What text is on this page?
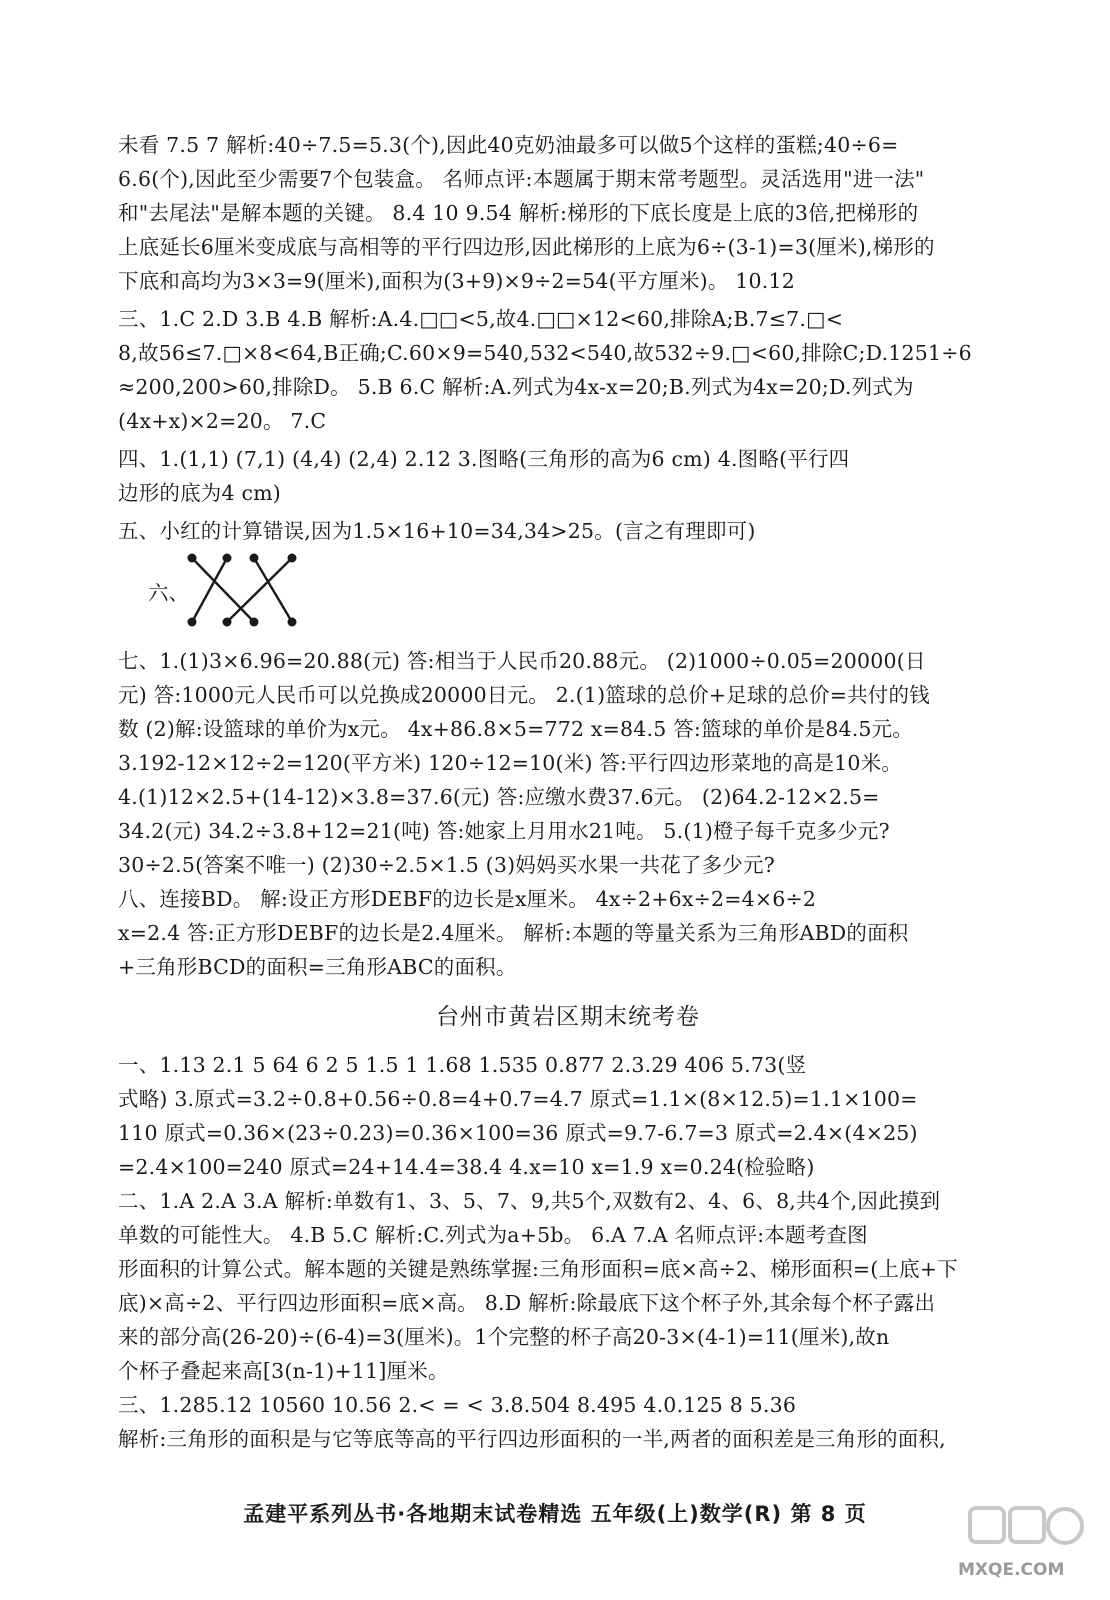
未看 7.5 7 解析:40÷7.5=5.3(个),因此40克奶油最多可以做5个这样的蛋糕;40÷6=
6.6(个),因此至少需要7个包装盒。 名师点评:本题属于期末常考题型。灵活选用"进一法"
和"去尾法"是解本题的关键。 8.4 10 9.54 解析:梯形的下底长度是上底的3倍,把梯形的
上底延长6厘米变成底与高相等的平行四边形,因此梯形的上底为6÷(3-1)=3(厘米),梯形的
下底和高均为3×3=9(厘米),面积为(3+9)×9÷2=54(平方厘米)。 10.12
三、1.C 2.D 3.B 4.B 解析:A.4.□□<5,故4.□□×12<60,排除A;B.7≤7.□<
8,故56≤7.□×8<64,B正确;C.60×9=540,532<540,故532÷9.□<60,排除C;D.1251÷6
≈200,200>60,排除D。 5.B 6.C 解析:A.列式为4x-x=20;B.列式为4x=20;D.列式为
(4x+x)×2=20。 7.C
四、1.(1,1) (7,1) (4,4) (2,4) 2.12 3.图略(三角形的高为6 cm) 4.图略(平行四
边形的底为4 cm)
五、小红的计算错误,因为1.5×16+10=34,34>25。(言之有理即可)
六、
七、1.(1)3×6.96=20.88(元) 答:相当于人民币20.88元。 (2)1000÷0.05=20000(日
元) 答:1000元人民币可以兑换成20000日元。 2.(1)篮球的总价+足球的总价=共付的钱
数 (2)解:设篮球的单价为x元。 4x+86.8×5=772 x=84.5 答:篮球的单价是84.5元。
3.192-12×12÷2=120(平方米) 120÷12=10(米) 答:平行四边形菜地的高是10米。
4.(1)12×2.5+(14-12)×3.8=37.6(元) 答:应缴水费37.6元。 (2)64.2-12×2.5=
34.2(元) 34.2÷3.8+12=21(吨) 答:她家上月用水21吨。 5.(1)橙子每千克多少元?
30÷2.5(答案不唯一) (2)30÷2.5×1.5 (3)妈妈买水果一共花了多少元?
八、连接BD。 解:设正方形DEBF的边长是x厘米。 4x÷2+6x÷2=4×6÷2
x=2.4 答:正方形DEBF的边长是2.4厘米。 解析:本题的等量关系为三角形ABD的面积
+三角形BCD的面积=三角形ABC的面积。
台州市黄岩区期末统考卷
一、1.13 2.1 5 64 6 2 5 1.5 1 1.68 1.535 0.877 2.3.29 406 5.73(竖
式略) 3.原式=3.2÷0.8+0.56÷0.8=4+0.7=4.7 原式=1.1×(8×12.5)=1.1×100=
110 原式=0.36×(23÷0.23)=0.36×100=36 原式=9.7-6.7=3 原式=2.4×(4×25)
=2.4×100=240 原式=24+14.4=38.4 4.x=10 x=1.9 x=0.24(检验略)
二、1.A 2.A 3.A 解析:单数有1、3、5、7、9,共5个,双数有2、4、6、8,共4个,因此摸到
单数的可能性大。 4.B 5.C 解析:C.列式为a+5b。 6.A 7.A 名师点评:本题考查图
形面积的计算公式。解本题的关键是熟练掌握:三角形面积=底×高÷2、梯形面积=(上底+下
底)×高÷2、平行四边形面积=底×高。 8.D 解析:除最底下这个杯子外,其余每个杯子露出
来的部分高(26-20)÷(6-4)=3(厘米)。1个完整的杯子高20-3×(4-1)=11(厘米),故n
个杯子叠起来高[3(n-1)+11]厘米。
三、1.285.12 10560 10.56 2.< = < 3.8.504 8.495 4.0.125 8 5.36
解析:三角形的面积是与它等底等高的平行四边形面积的一半,两者的面积差是三角形的面积,
孟建平系列丛书·各地期末试卷精选 五年级(上)数学(R) 第 8 页
MXQE.COM
